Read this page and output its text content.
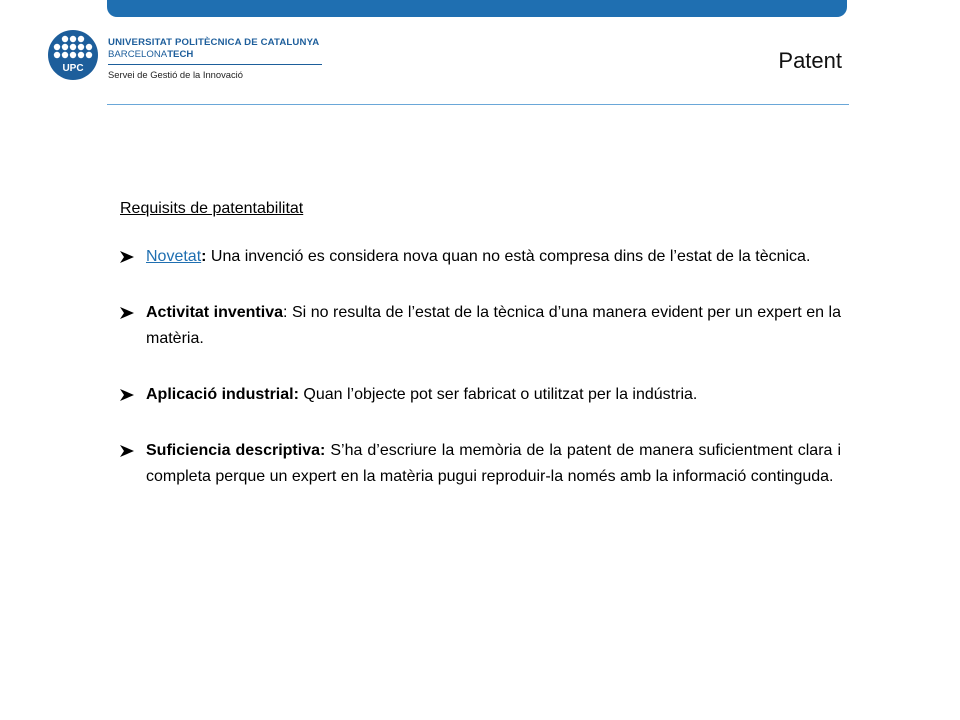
UPC
UNIVERSITAT POLITÈCNICA DE CATALUNYA
BARCELONATECH
Servei de Gestió de la Innovació
Patent
Requisits de patentabilitat
Novetat: Una invenció es considera nova quan no està compresa dins de l’estat de la tècnica.
Activitat inventiva: Si no resulta de l’estat de la tècnica d’una manera evident per un expert en la matèria.
Aplicació industrial: Quan l’objecte pot ser fabricat o utilitzat per la indústria.
Suficiencia descriptiva: S’ha d’escriure la memòria de la patent de manera suficientment clara i completa perque un expert en la matèria pugui reproduir-la només amb la informació continguda.
